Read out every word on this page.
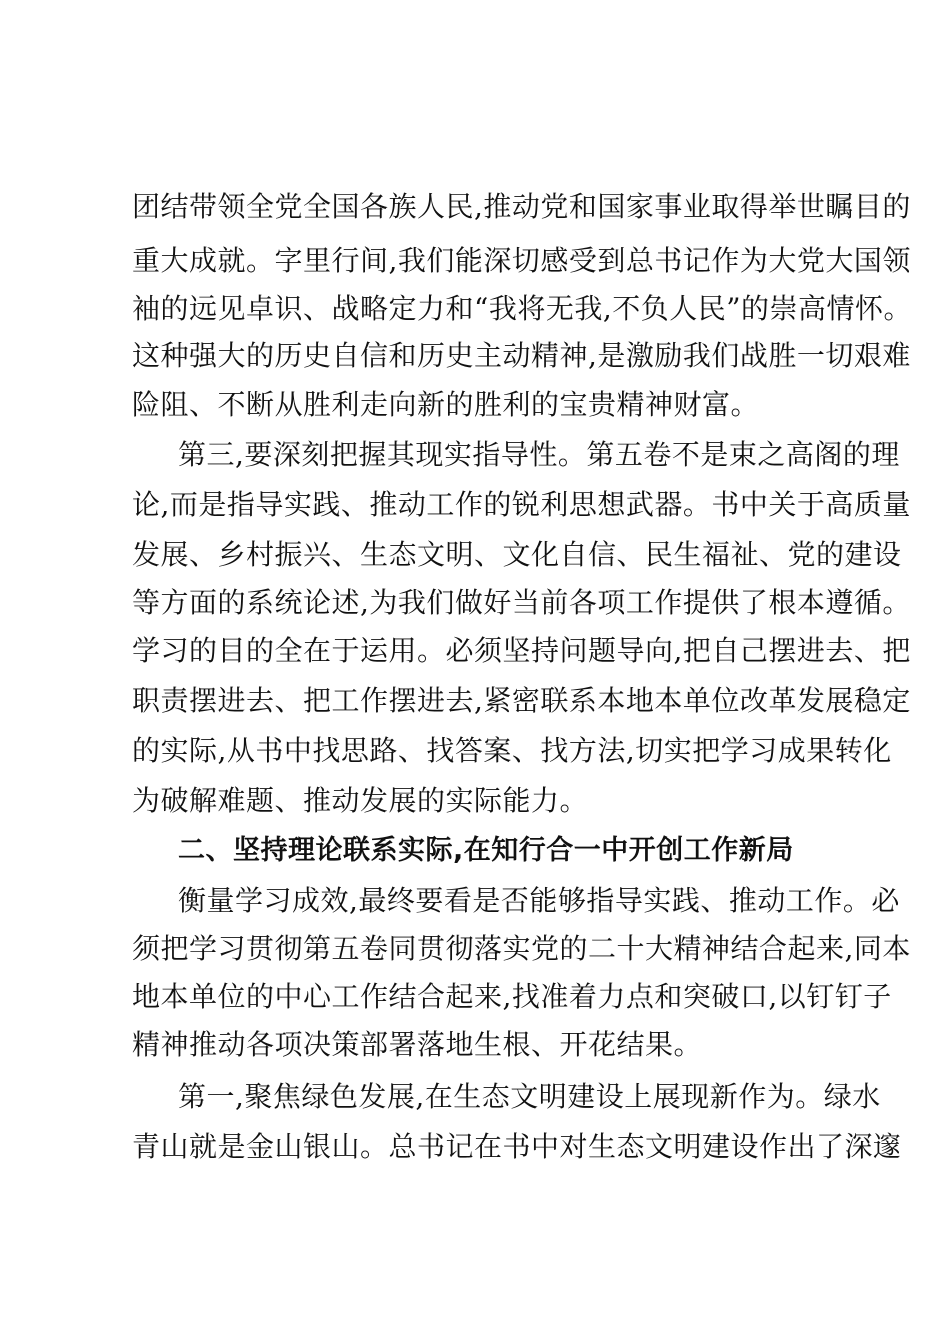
团结带领全党全国各族人民,推动党和国家事业取得举世瞩目的
重大成就。字里行间,我们能深切感受到总书记作为大党大国领
袖的远见卓识、战略定力和“我将无我,不负人民”的崇高情怀。
这种强大的历史自信和历史主动精神,是激励我们战胜一切艰难
险阻、不断从胜利走向新的胜利的宝贵精神财富。
第三,要深刻把握其现实指导性。第五卷不是束之高阁的理
论,而是指导实践、推动工作的锐利思想武器。书中关于高质量
发展、乡村振兴、生态文明、文化自信、民生福祉、党的建设
等方面的系统论述,为我们做好当前各项工作提供了根本遵循。
学习的目的全在于运用。必须坚持问题导向,把自己摆进去、把
职责摆进去、把工作摆进去,紧密联系本地本单位改革发展稳定
的实际,从书中找思路、找答案、找方法,切实把学习成果转化
为破解难题、推动发展的实际能力。
二、坚持理论联系实际,在知行合一中开创工作新局
衡量学习成效,最终要看是否能够指导实践、推动工作。必
须把学习贯彻第五卷同贯彻落实党的二十大精神结合起来,同本
地本单位的中心工作结合起来,找准着力点和突破口,以钉钉子
精神推动各项决策部署落地生根、开花结果。
第一,聚焦绿色发展,在生态文明建设上展现新作为。绿水
青山就是金山银山。总书记在书中对生态文明建设作出了深邃
